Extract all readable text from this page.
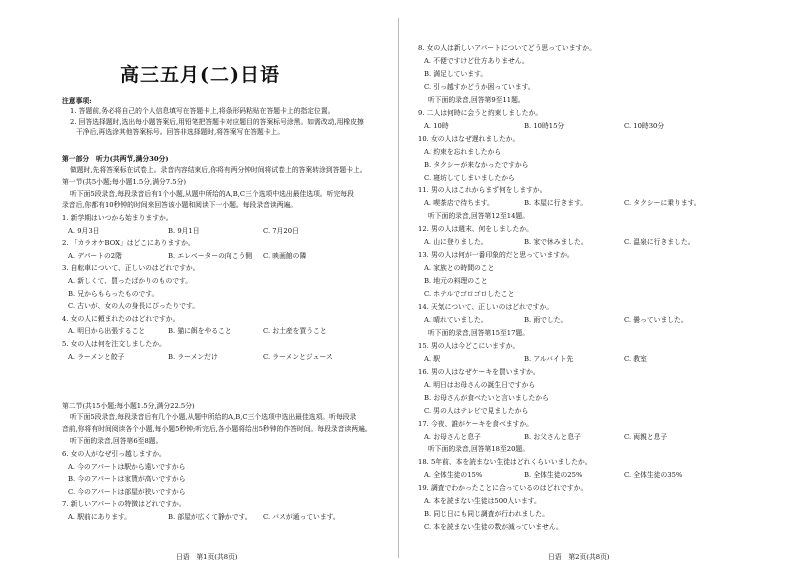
高三五月(二)日语
注意事项:
1. 答题前,务必将自己的个人信息填写在答题卡上,将条形码粘贴在答题卡上的指定位置。
2. 回答选择题时,选出每小题答案后,用铅笔把答题卡对应题目的答案标号涂黑。如需改动,用橡皮擦
干净后,再选涂其他答案标号。回答非选择题时,将答案写在答题卡上。
第一部分　听力(共两节,满分30分)
做题时,先将答案标在试卷上。录音内容结束后,你将有两分钟时间将试卷上的答案转涂到答题卡上。
第一节(共5小题;每小题1.5分,满分7.5分)
听下面5段录音,每段录音后有1个小题,从题中所给的A,B,C三个选项中选出最佳选项。听完每段
录音后,你都有10秒钟的时间来回答该小题和阅读下一小题。每段录音读两遍。
1. 新学期はいつから始まりますか。
A. 9月3日	B. 9月1日	C. 7月20日
2. 「カラオケBOX」はどこにありますか。
A. デパートの2階	B. エレベーターの向こう側 C. 映画館の隣
3. 自転車について、正しいのはどれですか。
A. 新しくて、買ったばかりのものです。
B. 兄からもらったものです。
C. 古いが、女の人の身長にぴったりです。
4. 女の人に頼まれたのはどれですか。
A. 明日から出張すること	B. 猫に餌をやること	C. お土産を買うこと
5. 女の人は何を注文しましたか。
A. ラーメンと餃子	B. ラーメンだけ	C. ラーメンとジュース
第二节(共15小题;每小题1.5分,满分22.5分)
听下面5段录音,每段录音后有几个小题,从题中所给的A,B,C三个选项中选出最佳选项。听每段录
音前,你将有时间阅读各个小题,每小题5秒钟;听完后,各小题将给出5秒钟的作答时间。每段录音读两遍。
听下面的录音,回答第6至8题。
6. 女の人がなぜ引っ越しますか。
A. 今のアパートは駅から遠いですから
B. 今のアパートは家賃が高いですから
C. 今のアパートは部屋が狭いですから
7. 新しいアパートの特徴はどれですか。
A. 駅前にあります。	B. 部屋が広くて静かです。 C. バスが通っています。
日语　第1页(共8页)
8. 女の人は新しいアパートについてどう思っていますか。
A. 不便ですけど仕方ありません。
B. 満足しています。
C. 引っ越すかどうか困っています。
听下面的录音,回答第9至11题。
9. 二人は何時に会うと約束しましたか。
A. 10時	B. 10時15分	C. 10時30分
10. 女の人はなぜ遅れましたか。
A. 約束を忘れましたから
B. タクシーが来なかったですから
C. 寝坊してしまいましたから
11. 男の人はこれからまず何をしますか。
A. 喫茶店で待ちます。	B. 本屋に行きます。	C. タクシーに乗ります。
听下面的录音,回答第12至14题。
12. 男の人は週末、何をしましたか。
A. 山に登りました。	B. 家で休みました。	C. 温泉に行きました。
13. 男の人は何が一番印象的だと思っていますか。
A. 家族との時間のこと
B. 地元の料理のこと
C. ホテルでゴロゴロしたこと
14. 天気について、正しいのはどれですか。
A. 晴れていました。	B. 雨でした。	C. 曇っていました。
听下面的录音,回答第15至17题。
15. 男の人は今どこにいますか。
A. 駅	B. アルバイト先	C. 教室
16. 男の人はなぜケーキを買いますか。
A. 明日はお母さんの誕生日ですから
B. お母さんが食べたいと言いましたから
C. 男の人はテレビで見ましたから
17. 今夜、誰がケーキを食べますか。
A. お母さんと息子	B. お父さんと息子	C. 両親と息子
听下面的录音,回答第18至20题。
18. 5年前、本を読まない生徒はどれくらいいましたか。
A. 全体生徒の15%	B. 全体生徒の25%	C. 全体生徒の35%
19. 調査でわかったことに合っているのはどれですか。
A. 本を読まない生徒は500人います。
B. 同じ日にも同じ調査が行われました。
C. 本を読まない生徒の数が減っていません。
日语　第2页(共8页)
